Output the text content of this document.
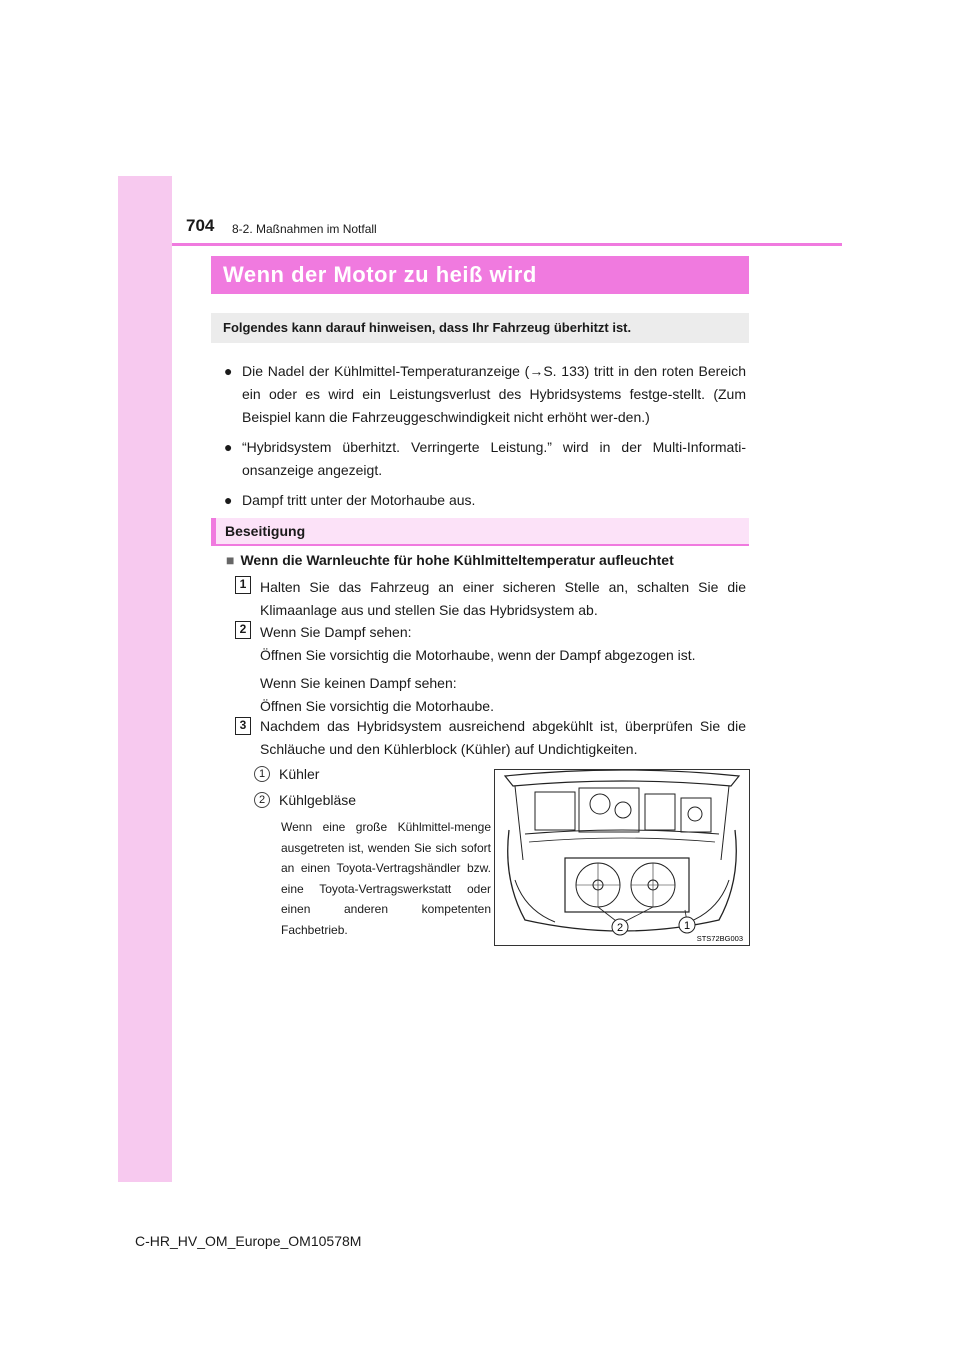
704 8-2. Maßnahmen im Notfall
Wenn der Motor zu heiß wird
Folgendes kann darauf hinweisen, dass Ihr Fahrzeug überhitzt ist.
● Die Nadel der Kühlmittel-Temperaturanzeige (→S. 133) tritt in den roten Bereich ein oder es wird ein Leistungsverlust des Hybridsystems festge-stellt. (Zum Beispiel kann die Fahrzeuggeschwindigkeit nicht erhöht wer-den.)
● “Hybridsystem überhitzt. Verringerte Leistung.” wird in der Multi-Informati-onsanzeige angezeigt.
● Dampf tritt unter der Motorhaube aus.
Beseitigung
■ Wenn die Warnleuchte für hohe Kühlmitteltemperatur aufleuchtet
1 Halten Sie das Fahrzeug an einer sicheren Stelle an, schalten Sie die Klimaanlage aus und stellen Sie das Hybridsystem ab.
2 Wenn Sie Dampf sehen:
Öffnen Sie vorsichtig die Motorhaube, wenn der Dampf abgezogen ist.
Wenn Sie keinen Dampf sehen:
Öffnen Sie vorsichtig die Motorhaube.
3 Nachdem das Hybridsystem ausreichend abgekühlt ist, überprüfen Sie die Schläuche und den Kühlerblock (Kühler) auf Undichtigkeiten.
1 Kühler
2 Kühlgebläse
Wenn eine große Kühlmittel-menge ausgetreten ist, wenden Sie sich sofort an einen Toyota-Vertragshändler bzw. eine Toyota-Vertragswerkstatt oder einen anderen kompetenten Fachbetrieb.	2	1
STS72BG003
C-HR_HV_OM_Europe_OM10578M
